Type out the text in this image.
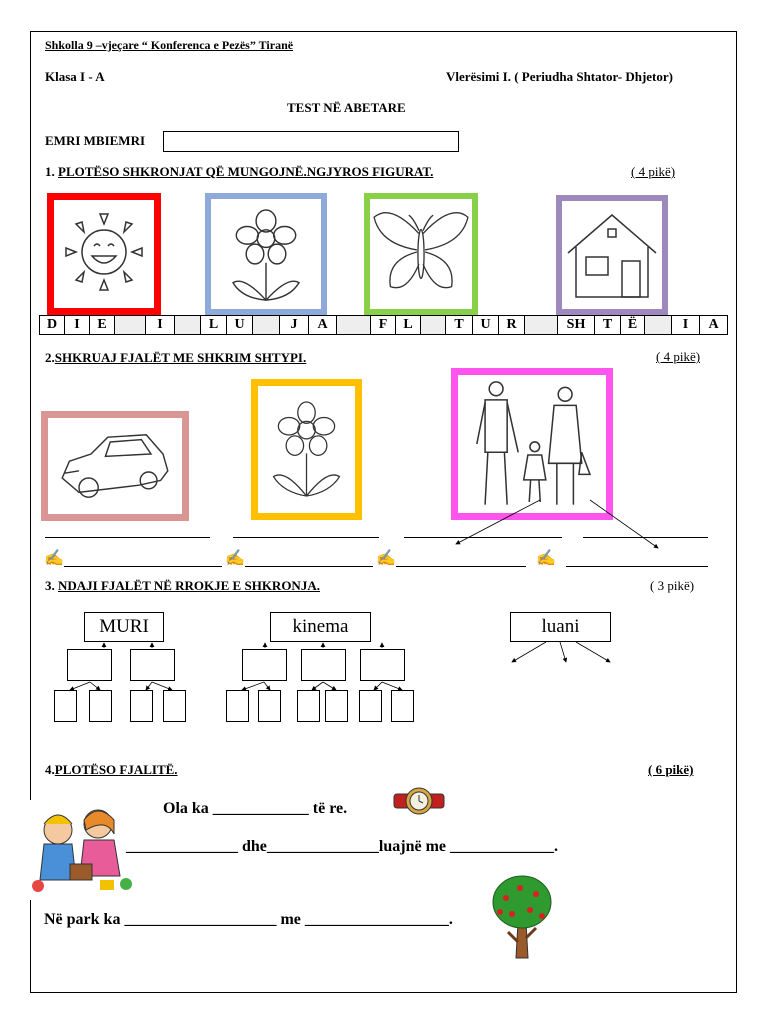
Shkolla 9 –vjeçare “ Konferenca e Pezës” Tiranë
Klasa I - A	Vlerësimi I. ( Periudha Shtator- Dhjetor)
TEST NË ABETARE
EMRI MBIEMRI
1. PLOTËSO SHKRONJAT QË MUNGOJNË.NGJYROS FIGURAT.	( 4 pikë)
D	I	E	I	L	U	J	A	F	L	T	U	R	SH	T	Ë	I	A
2.SHKRUAJ FJALËT ME SHKRIM SHTYPI.	( 4 pikë)
✍	✍	✍	✍
3. NDAJI FJALËT NË RROKJE E SHKRONJA.	( 3 pikë)
MURI	kinema	luani
4.PLOTËSO FJALITË.	( 6 pikë)
Ola ka ____________ të re.
______________ dhe______________luajnë me _____________.
Në park ka ___________________ me __________________.
